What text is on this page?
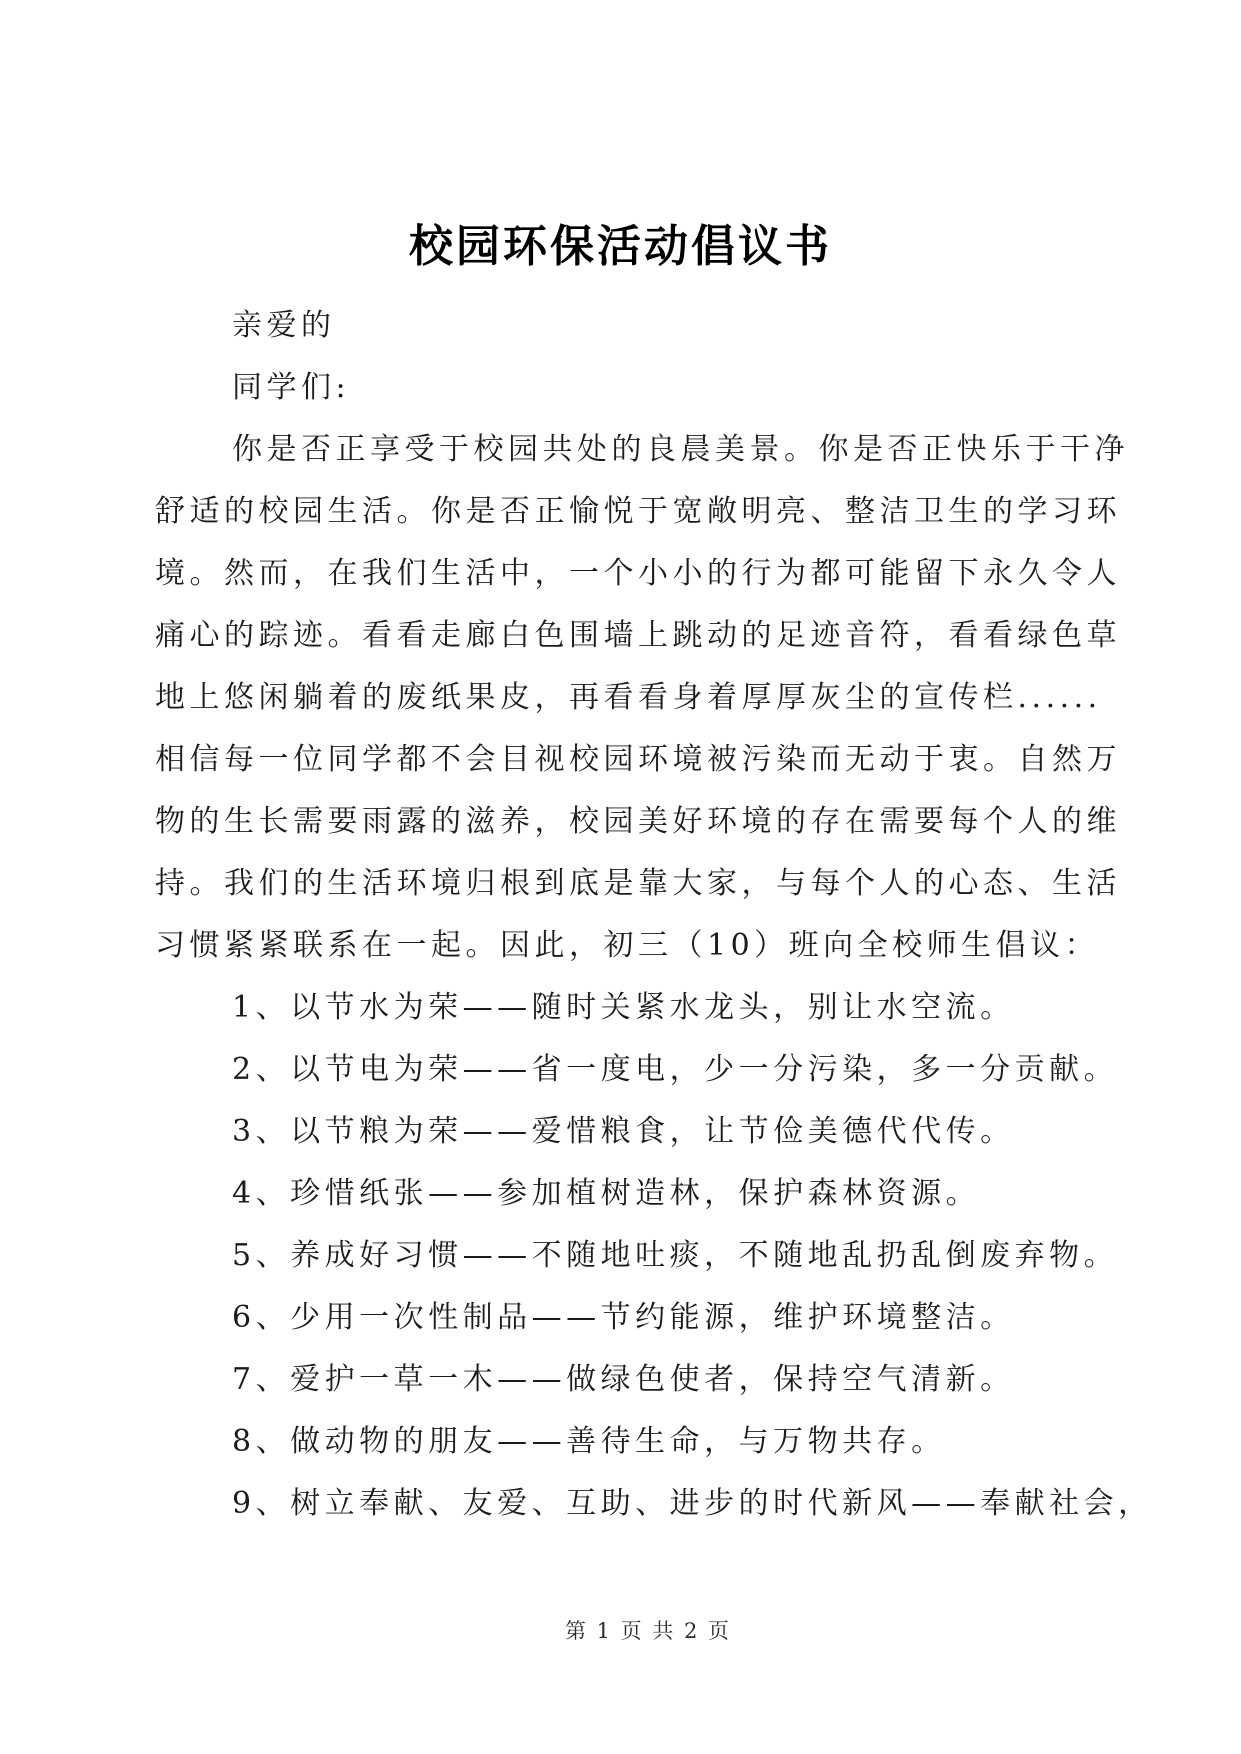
校园环保活动倡议书
亲爱的
同学们:
你是否正享受于校园共处的良晨美景。你是否正快乐于干净
舒适的校园生活。你是否正愉悦于宽敞明亮、整洁卫生的学习环
境。然而，在我们生活中，一个小小的行为都可能留下永久令人
痛心的踪迹。看看走廊白色围墙上跳动的足迹音符，看看绿色草
地上悠闲躺着的废纸果皮，再看看身着厚厚灰尘的宣传栏......
相信每一位同学都不会目视校园环境被污染而无动于衷。自然万
物的生长需要雨露的滋养，校园美好环境的存在需要每个人的维
持。我们的生活环境归根到底是靠大家，与每个人的心态、生活
习惯紧紧联系在一起。因此，初三（10）班向全校师生倡议：
1、以节水为荣——随时关紧水龙头，别让水空流。
2、以节电为荣——省一度电，少一分污染，多一分贡献。
3、以节粮为荣——爱惜粮食，让节俭美德代代传。
4、珍惜纸张——参加植树造林，保护森林资源。
5、养成好习惯——不随地吐痰，不随地乱扔乱倒废弃物。
6、少用一次性制品——节约能源，维护环境整洁。
7、爱护一草一木——做绿色使者，保持空气清新。
8、做动物的朋友——善待生命，与万物共存。
9、树立奉献、友爱、互助、进步的时代新风——奉献社会，
第 1 页 共 2 页
